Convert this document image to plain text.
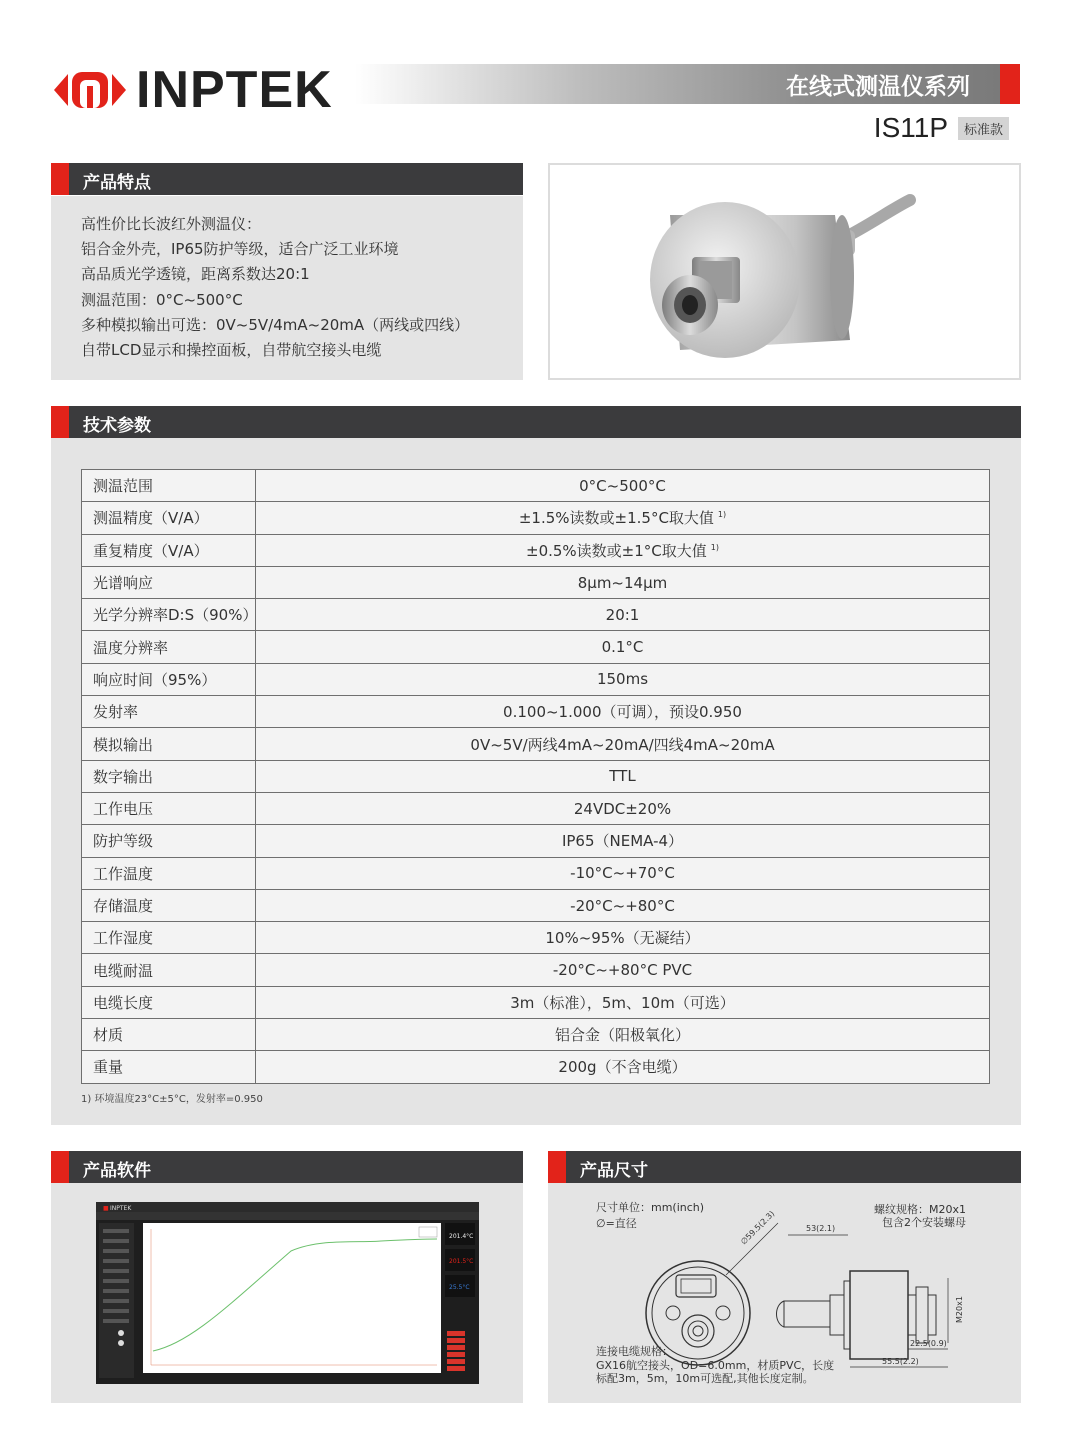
INPTEK	在线式测温仪系列
IS11P	标准款
产品特点
高性价比长波红外测温仪：
铝合金外壳，IP65防护等级，适合广泛工业环境
高品质光学透镜，距离系数达20:1
测温范围：0°C~500°C
多种模拟输出可选：0V~5V/4mA~20mA（两线或四线）
自带LCD显示和操控面板，自带航空接头电缆
技术参数
测温范围	0°C~500°C
测温精度（V/A）	±1.5%读数或±1.5°C取大值 $^{1)}$
重复精度（V/A）	±0.5%读数或±1°C取大值 $^{1)}$
光谱响应	8μm~14μm
光学分辨率D:S（90%）	20:1
温度分辨率	0.1°C
响应时间（95%）	150ms
发射率	0.100~1.000（可调），预设0.950
模拟输出	0V~5V/两线4mA~20mA/四线4mA~20mA
数字输出	TTL
工作电压	24VDC±20%
防护等级	IP65（NEMA-4）
工作温度	-10°C~+70°C
存储温度	-20°C~+80°C
工作湿度	10%~95%（无凝结）
电缆耐温	-20°C~+80°C PVC
电缆长度	3m（标准），5m、10m（可选）
材质	铝合金（阳极氧化）
重量	200g（不含电缆）
1) 环境温度23°C±5°C，发射率=0.950
产品软件
■ INPTEK
201.4°C
201.5°C
25.5°C
产品尺寸
尺寸单位：mm(inch)
∅=直径
螺纹规格：M20x1
包含2个安装螺母
∅59.5(2.3)	53(2.1)
M20x1
22.5(0.9)
55.5(2.2)
连接电缆规格：
GX16航空接头，OD=6.0mm，材质PVC，长度
标配3m，5m，10m可选配,其他长度定制。
